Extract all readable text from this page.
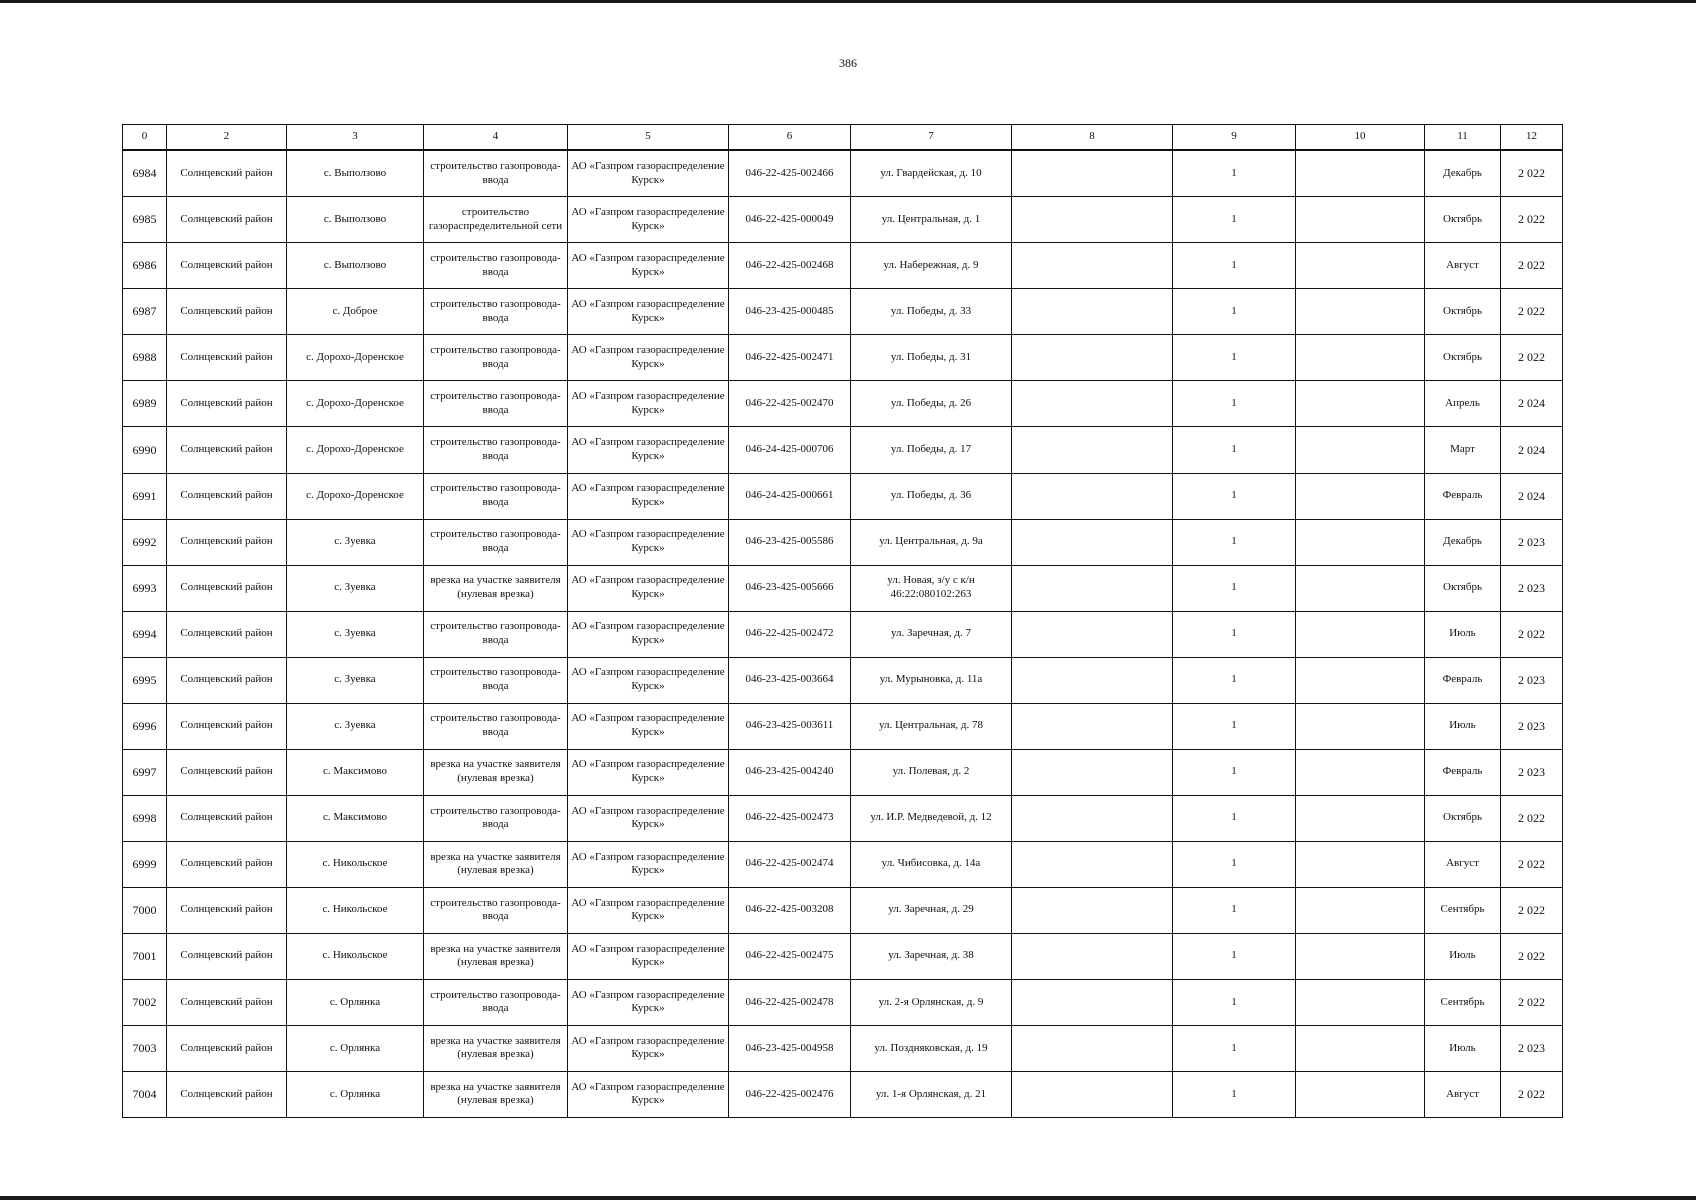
386
0	2	3	4	5	6	7	8	9	10	11	12
6984	Солнцевский район	с. Выползово	строительство газопровода-ввода	АО «Газпром газораспределение Курск»	046-22-425-002466	ул. Гвардейская, д. 10		1		Декабрь	2 022
6985	Солнцевский район	с. Выползово	строительство газораспределительной сети	АО «Газпром газораспределение Курск»	046-22-425-000049	ул. Центральная, д. 1		1		Октябрь	2 022
6986	Солнцевский район	с. Выползово	строительство газопровода-ввода	АО «Газпром газораспределение Курск»	046-22-425-002468	ул. Набережная, д. 9		1		Август	2 022
6987	Солнцевский район	с. Доброе	строительство газопровода-ввода	АО «Газпром газораспределение Курск»	046-23-425-000485	ул. Победы, д. 33		1		Октябрь	2 022
6988	Солнцевский район	с. Дорохо-Доренское	строительство газопровода-ввода	АО «Газпром газораспределение Курск»	046-22-425-002471	ул. Победы, д. 31		1		Октябрь	2 022
6989	Солнцевский район	с. Дорохо-Доренское	строительство газопровода-ввода	АО «Газпром газораспределение Курск»	046-22-425-002470	ул. Победы, д. 26		1		Апрель	2 024
6990	Солнцевский район	с. Дорохо-Доренское	строительство газопровода-ввода	АО «Газпром газораспределение Курск»	046-24-425-000706	ул. Победы, д. 17		1		Март	2 024
6991	Солнцевский район	с. Дорохо-Доренское	строительство газопровода-ввода	АО «Газпром газораспределение Курск»	046-24-425-000661	ул. Победы, д. 36		1		Февраль	2 024
6992	Солнцевский район	с. Зуевка	строительство газопровода-ввода	АО «Газпром газораспределение Курск»	046-23-425-005586	ул. Центральная, д. 9а		1		Декабрь	2 023
6993	Солнцевский район	с. Зуевка	врезка на участке заявителя (нулевая врезка)	АО «Газпром газораспределение Курск»	046-23-425-005666	ул. Новая, з/у с к/н 46:22:080102:263		1		Октябрь	2 023
6994	Солнцевский район	с. Зуевка	строительство газопровода-ввода	АО «Газпром газораспределение Курск»	046-22-425-002472	ул. Заречная, д. 7		1		Июль	2 022
6995	Солнцевский район	с. Зуевка	строительство газопровода-ввода	АО «Газпром газораспределение Курск»	046-23-425-003664	ул. Мурыновка, д. 11а		1		Февраль	2 023
6996	Солнцевский район	с. Зуевка	строительство газопровода-ввода	АО «Газпром газораспределение Курск»	046-23-425-003611	ул. Центральная, д. 78		1		Июль	2 023
6997	Солнцевский район	с. Максимово	врезка на участке заявителя (нулевая врезка)	АО «Газпром газораспределение Курск»	046-23-425-004240	ул. Полевая, д. 2		1		Февраль	2 023
6998	Солнцевский район	с. Максимово	строительство газопровода-ввода	АО «Газпром газораспределение Курск»	046-22-425-002473	ул. И.Р. Медведевой, д. 12		1		Октябрь	2 022
6999	Солнцевский район	с. Никольское	врезка на участке заявителя (нулевая врезка)	АО «Газпром газораспределение Курск»	046-22-425-002474	ул. Чибисовка, д. 14а		1		Август	2 022
7000	Солнцевский район	с. Никольское	строительство газопровода-ввода	АО «Газпром газораспределение Курск»	046-22-425-003208	ул. Заречная, д. 29		1		Сентябрь	2 022
7001	Солнцевский район	с. Никольское	врезка на участке заявителя (нулевая врезка)	АО «Газпром газораспределение Курск»	046-22-425-002475	ул. Заречная, д. 38		1		Июль	2 022
7002	Солнцевский район	с. Орлянка	строительство газопровода-ввода	АО «Газпром газораспределение Курск»	046-22-425-002478	ул. 2-я Орлянская, д. 9		1		Сентябрь	2 022
7003	Солнцевский район	с. Орлянка	врезка на участке заявителя (нулевая врезка)	АО «Газпром газораспределение Курск»	046-23-425-004958	ул. Поздняковская, д. 19		1		Июль	2 023
7004	Солнцевский район	с. Орлянка	врезка на участке заявителя (нулевая врезка)	АО «Газпром газораспределение Курск»	046-22-425-002476	ул. 1-я Орлянская, д. 21		1		Август	2 022
